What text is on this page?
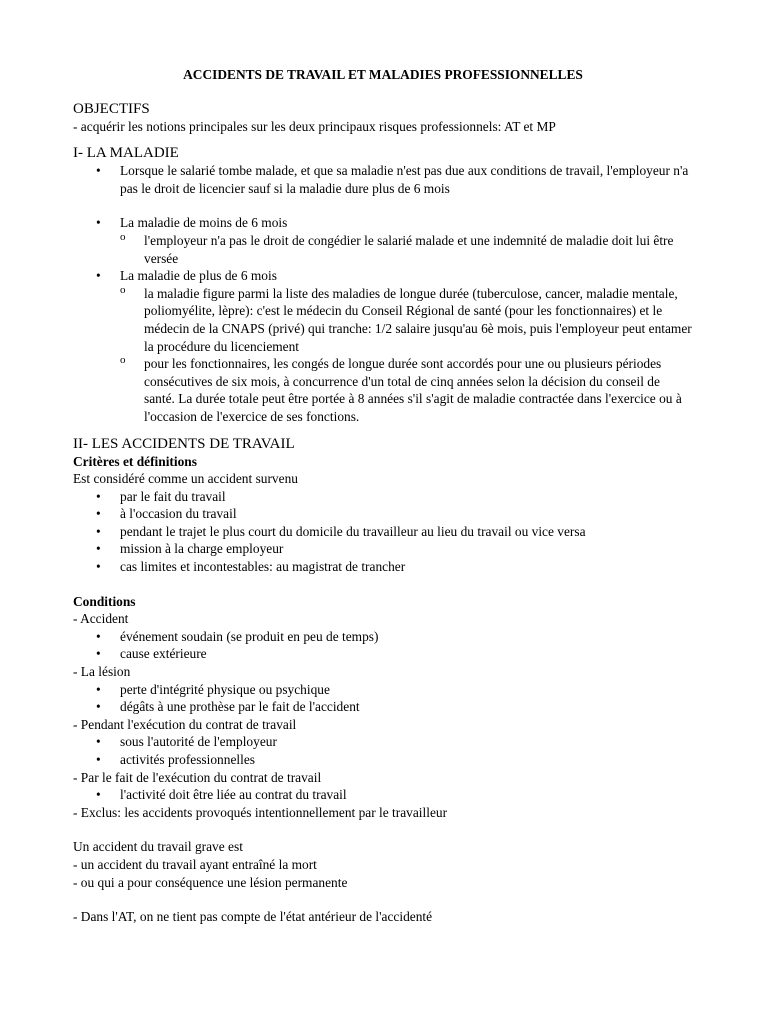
ACCIDENTS DE TRAVAIL ET MALADIES PROFESSIONNELLES
OBJECTIFS
- acquérir les notions principales sur les deux principaux risques professionnels: AT et MP
I- LA MALADIE
• Lorsque le salarié tombe malade, et que sa maladie n'est pas due aux conditions de travail, l'employeur n'a pas le droit de licencier sauf si la maladie dure plus de 6 mois
• La maladie de moins de 6 mois
o l'employeur n'a pas le droit de congédier le salarié malade et une indemnité de maladie doit lui être versée
• La maladie de plus de 6 mois
o la maladie figure parmi la liste des maladies de longue durée (tuberculose, cancer, maladie mentale, poliomyélite, lèpre): c'est le médecin du Conseil Régional de santé (pour les fonctionnaires) et le médecin de la CNAPS (privé) qui tranche: 1/2 salaire jusqu'au 6è mois, puis l'employeur peut entamer la procédure du licenciement
o pour les fonctionnaires, les congés de longue durée sont accordés pour une ou plusieurs périodes consécutives de six mois, à concurrence d'un total de cinq années selon la décision du conseil de santé. La durée totale peut être portée à 8 années s'il s'agit de maladie contractée dans l'exercice ou à l'occasion de l'exercice de ses fonctions.
II- LES ACCIDENTS DE TRAVAIL
Critères et définitions
Est considéré comme un accident survenu
• par le fait du travail
• à l'occasion du travail
• pendant le trajet le plus court du domicile du travailleur au lieu du travail ou vice versa
• mission à la charge employeur
• cas limites et incontestables: au magistrat de trancher
Conditions
- Accident
• événement soudain (se produit en peu de temps)
• cause extérieure
- La lésion
• perte d'intégrité physique ou psychique
• dégâts à une prothèse par le fait de l'accident
- Pendant l'exécution du contrat de travail
• sous l'autorité de l'employeur
• activités professionnelles
- Par le fait de l'exécution du contrat de travail
• l'activité doit être liée au contrat du travail
- Exclus: les accidents provoqués intentionnellement par le travailleur
Un accident du travail grave est
- un accident du travail ayant entraîné la mort
- ou qui a pour conséquence une lésion permanente
- Dans l'AT, on ne tient pas compte de l'état antérieur de l'accidenté
